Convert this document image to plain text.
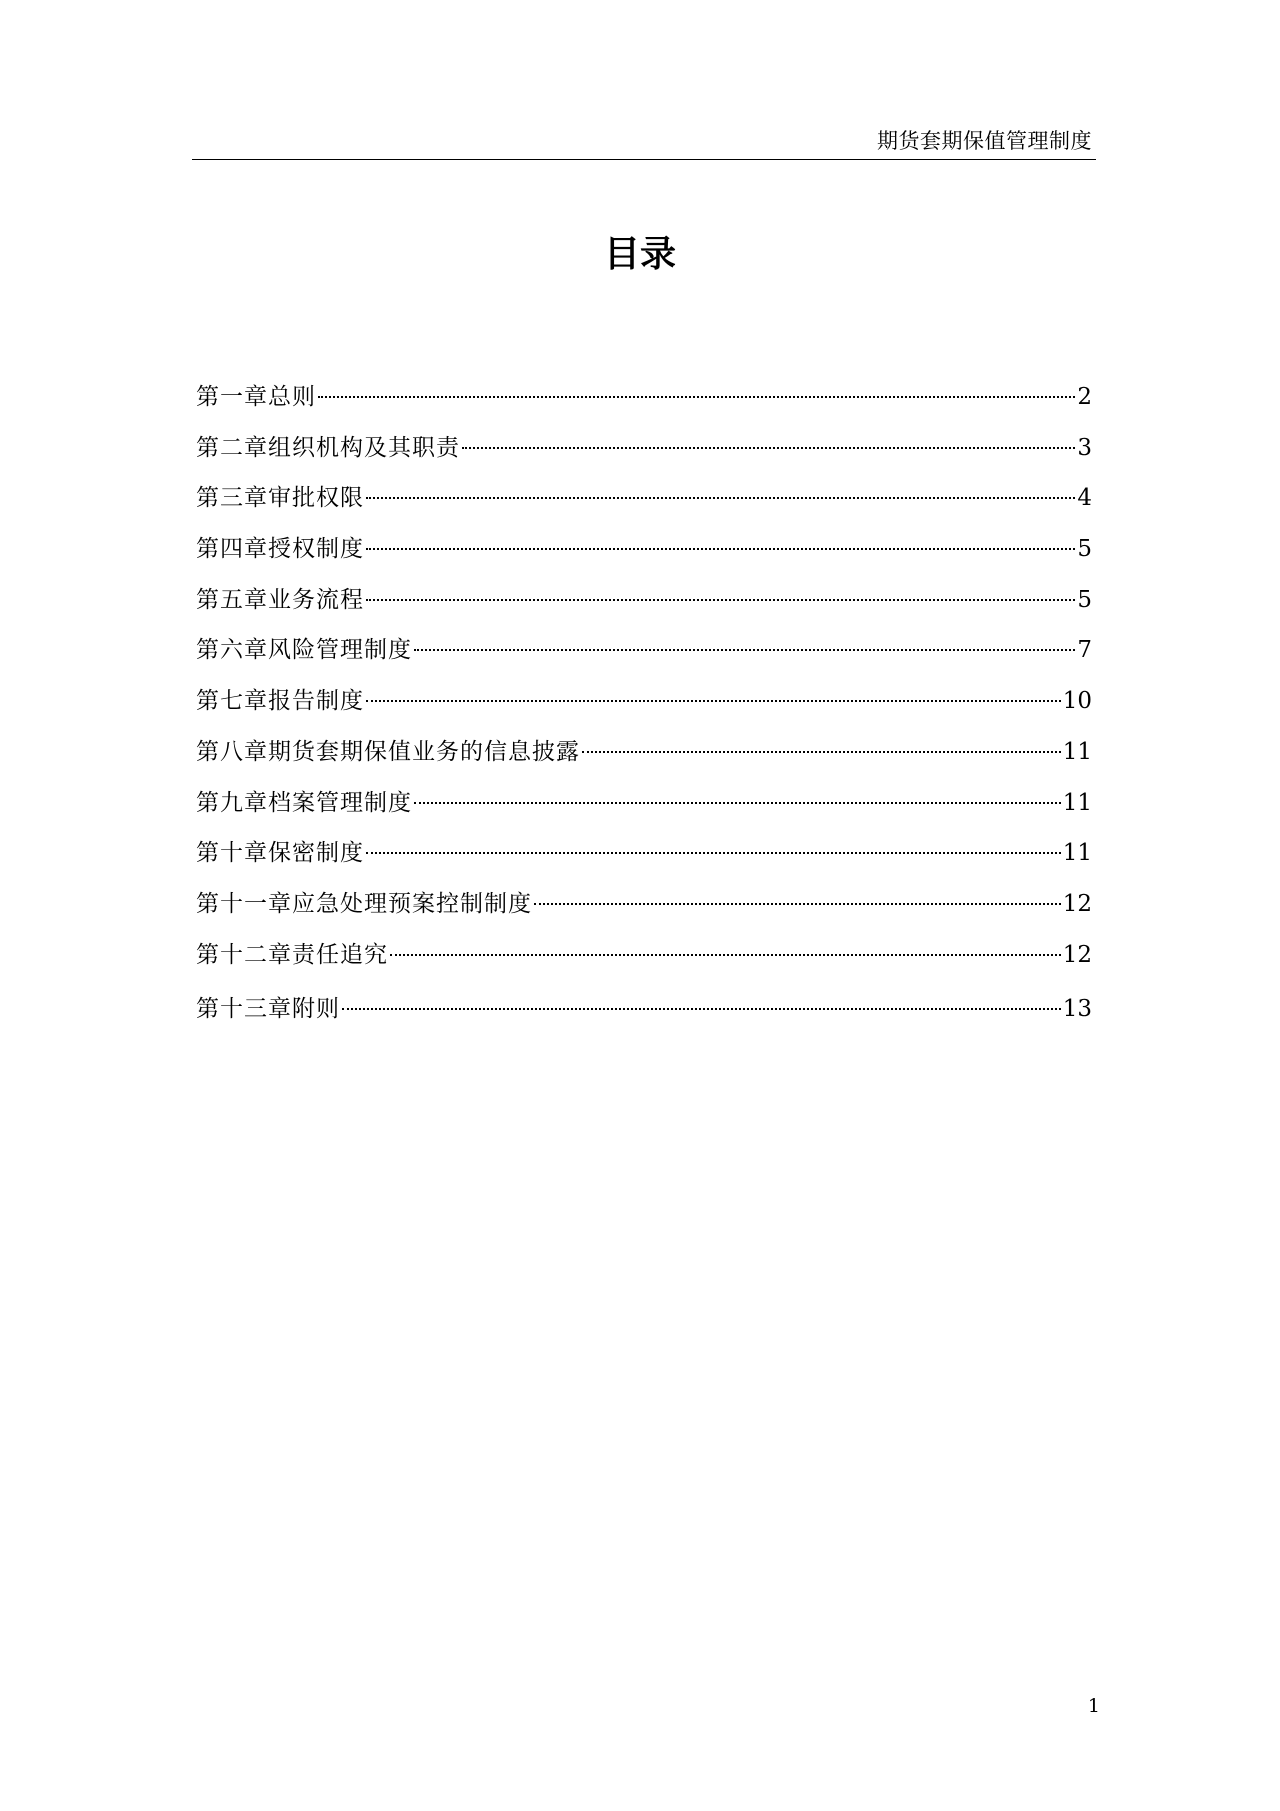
期货套期保值管理制度
目录
第一章总则	2
第二章组织机构及其职责	3
第三章审批权限	4
第四章授权制度	5
第五章业务流程	5
第六章风险管理制度	7
第七章报告制度	10
第八章期货套期保值业务的信息披露	11
第九章档案管理制度	11
第十章保密制度	11
第十一章应急处理预案控制制度	12
第十二章责任追究	12
第十三章附则	13
1
